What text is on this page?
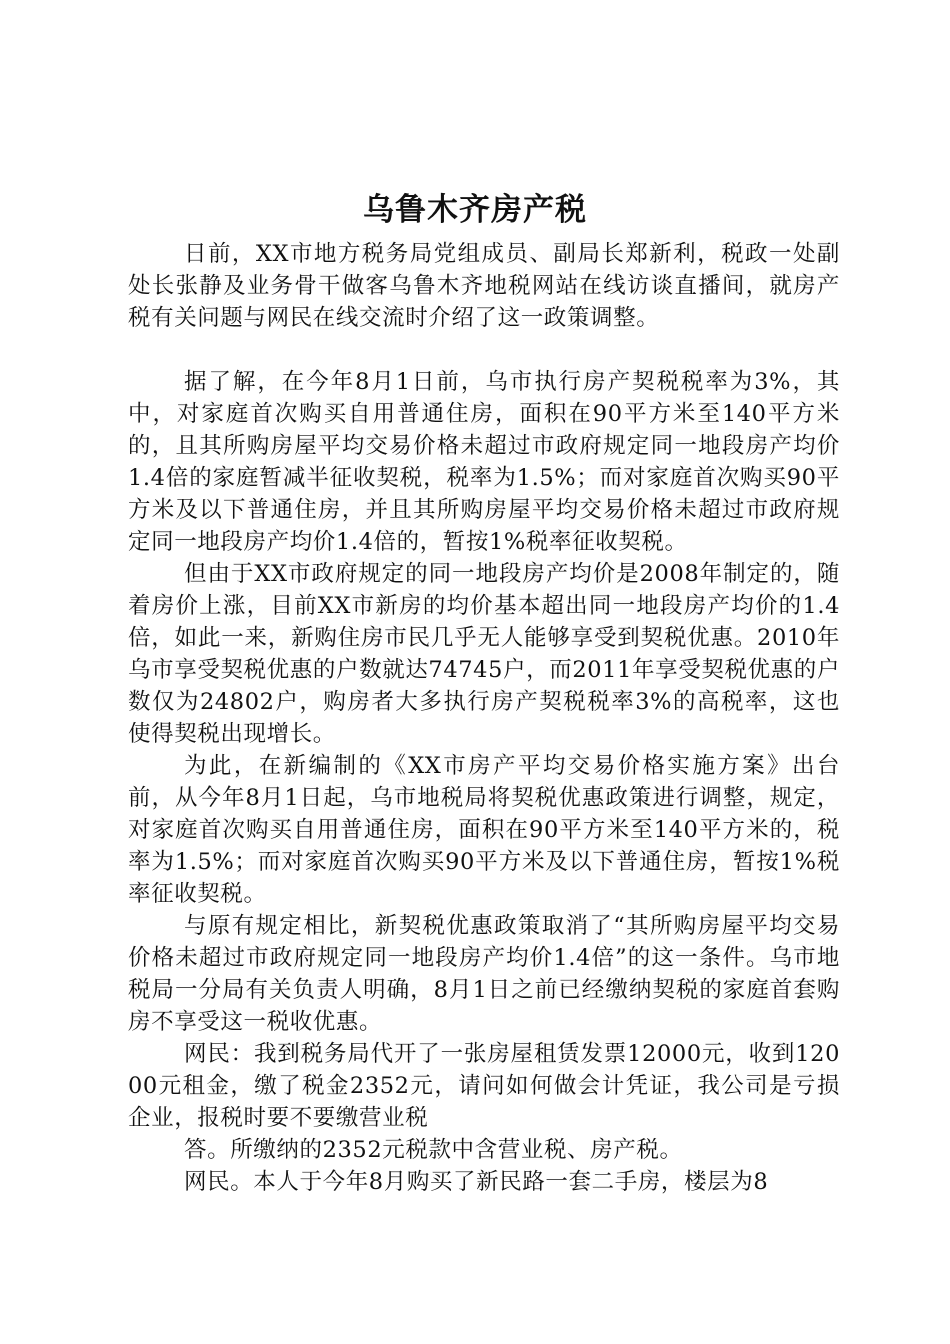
乌鲁木齐房产税

日前，XX市地方税务局党组成员、副局长郑新利，税政一处副处长张静及业务骨干做客乌鲁木齐地税网站在线访谈直播间，就房产税有关问题与网民在线交流时介绍了这一政策调整。

据了解，在今年8月1日前，乌市执行房产契税税率为3%，其中，对家庭首次购买自用普通住房，面积在90平方米至140平方米的，且其所购房屋平均交易价格未超过市政府规定同一地段房产均价1.4倍的家庭暂减半征收契税，税率为1.5%；而对家庭首次购买90平方米及以下普通住房，并且其所购房屋平均交易价格未超过市政府规定同一地段房产均价1.4倍的，暂按1%税率征收契税。

但由于XX市政府规定的同一地段房产均价是2008年制定的，随着房价上涨，目前XX市新房的均价基本超出同一地段房产均价的1.4倍，如此一来，新购住房市民几乎无人能够享受到契税优惠。2010年乌市享受契税优惠的户数就达74745户，而2011年享受契税优惠的户数仅为24802户，购房者大多执行房产契税税率3%的高税率，这也使得契税出现增长。

为此，在新编制的《XX市房产平均交易价格实施方案》出台前，从今年8月1日起，乌市地税局将契税优惠政策进行调整，规定，对家庭首次购买自用普通住房，面积在90平方米至140平方米的，税率为1.5%；而对家庭首次购买90平方米及以下普通住房，暂按1%税率征收契税。

与原有规定相比，新契税优惠政策取消了“其所购房屋平均交易价格未超过市政府规定同一地段房产均价1.4倍”的这一条件。乌市地税局一分局有关负责人明确，8月1日之前已经缴纳契税的家庭首套购房不享受这一税收优惠。

网民：我到税务局代开了一张房屋租赁发票12000元，收到12000元租金，缴了税金2352元，请问如何做会计凭证，我公司是亏损企业，报税时要不要缴营业税

答。所缴纳的2352元税款中含营业税、房产税。

网民。本人于今年8月购买了新民路一套二手房，楼层为8
